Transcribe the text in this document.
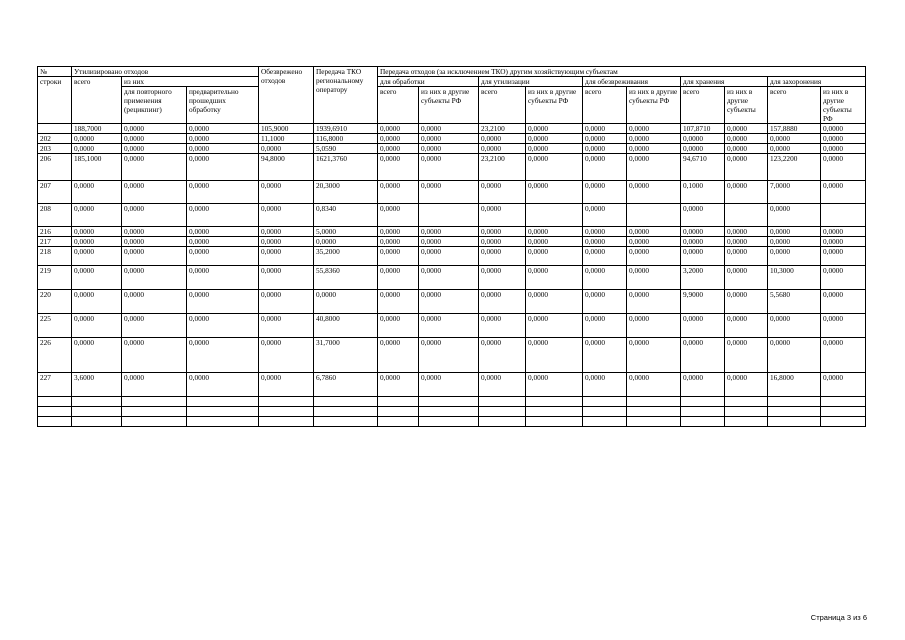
№	Утилизировано отходов			Обезврежено отходов	Передача ТКО региональному оператору	Передача отходов (за исключением ТКО) другим хозяйствующим субъектам									
строки	всего	из них				для обработки		для утилизации		для обезвреживания		для хранения		для захоронения	
		для повторного применения (рецикпинг)	предварительно прошедших обработку			всего	из них в другие субъекты РФ	всего	из них в другие субъекты РФ	всего	из них в другие субъекты РФ	всего	из них в другие субъекты	всего	из них в другие субъекты РФ

	188,7000	0,0000	0,0000	105,9000	1939,6910	0,0000	0,0000	23,2100	0,0000	0,0000	0,0000	107,8710	0,0000	157,8880	0,0000
202	0,0000	0,0000	0,0000	11,1000	116,8000	0,0000	0,0000	0,0000	0,0000	0,0000	0,0000	0,0000	0,0000	0,0000	0,0000
203	0,0000	0,0000	0,0000	0,0000	5,0590	0,0000	0,0000	0,0000	0,0000	0,0000	0,0000	0,0000	0,0000	0,0000	0,0000
206	185,1000	0,0000	0,0000	94,8000	1621,3760	0,0000	0,0000	23,2100	0,0000	0,0000	0,0000	94,6710	0,0000	123,2200	0,0000
207	0,0000	0,0000	0,0000	0,0000	20,3000	0,0000	0,0000	0,0000	0,0000	0,0000	0,0000	0,1000	0,0000	7,0000	0,0000
208	0,0000	0,0000	0,0000	0,0000	0,8340	0,0000		0,0000		0,0000		0,0000		0,0000	
216	0,0000	0,0000	0,0000	0,0000	5,0000	0,0000	0,0000	0,0000	0,0000	0,0000	0,0000	0,0000	0,0000	0,0000	0,0000
217	0,0000	0,0000	0,0000	0,0000	0,0000	0,0000	0,0000	0,0000	0,0000	0,0000	0,0000	0,0000	0,0000	0,0000	0,0000
218	0,0000	0,0000	0,0000	0,0000	35,2000	0,0000	0,0000	0,0000	0,0000	0,0000	0,0000	0,0000	0,0000	0,0000	0,0000
219	0,0000	0,0000	0,0000	0,0000	55,8360	0,0000	0,0000	0,0000	0,0000	0,0000	0,0000	3,2000	0,0000	10,3000	0,0000
220	0,0000	0,0000	0,0000	0,0000	0,0000	0,0000	0,0000	0,0000	0,0000	0,0000	0,0000	9,9000	0,0000	5,5680	0,0000
225	0,0000	0,0000	0,0000	0,0000	40,8000	0,0000	0,0000	0,0000	0,0000	0,0000	0,0000	0,0000	0,0000	0,0000	0,0000
226	0,0000	0,0000	0,0000	0,0000	31,7000	0,0000	0,0000	0,0000	0,0000	0,0000	0,0000	0,0000	0,0000	0,0000	0,0000
227	3,6000	0,0000	0,0000	0,0000	6,7860	0,0000	0,0000	0,0000	0,0000	0,0000	0,0000	0,0000	0,0000	16,8000	0,0000

Страница 3 из 6
